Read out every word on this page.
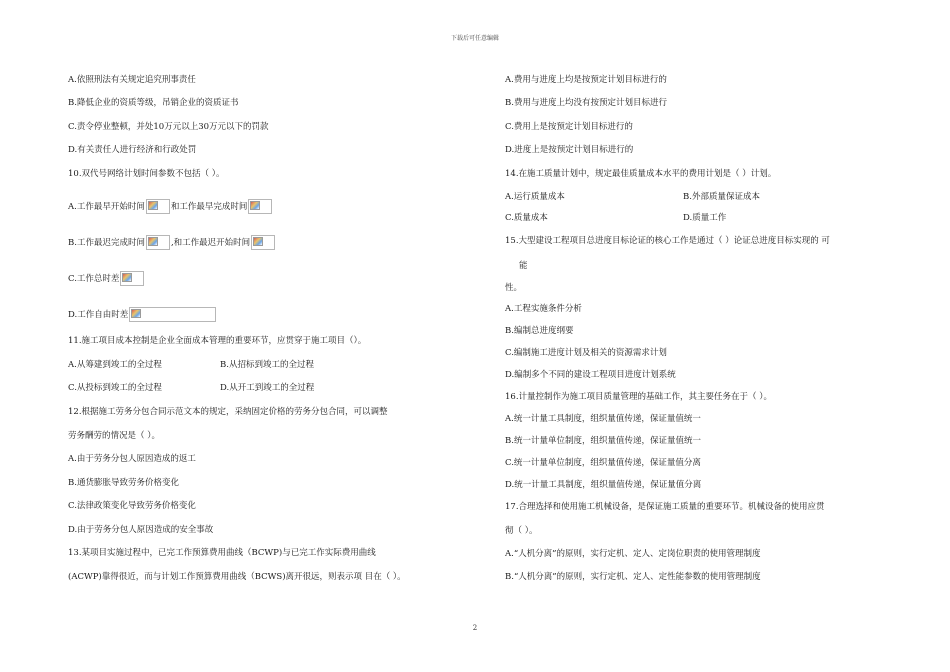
下载后可任意编辑
A.依照刑法有关规定追究刑事责任
B.降低企业的资质等级，吊销企业的资质证书
C.责令停业整顿，并处10万元以上30万元以下的罚款
D.有关责任人进行经济和行政处罚
10.双代号网络计划时间参数不包括（ ）。
A.工作最早开始时间	和工作最早完成时间
B.工作最迟完成时间	,和工作最迟开始时间
C.工作总时差
D.工作自由时差
11.施工项目成本控制是企业全面成本管理的重要环节，应贯穿于施工项目（）。
A.从筹建到竣工的全过程	B.从招标到竣工的全过程
C.从投标到竣工的全过程	D.从开工到竣工的全过程
12.根据施工劳务分包合同示范文本的规定，采纳固定价格的劳务分包合同，可以调整
劳务酬劳的情况是（ ）。
A.由于劳务分包人原因造成的返工
B.通货膨胀导致劳务价格变化
C.法律政策变化导致劳务价格变化
D.由于劳务分包人原因造成的安全事故
13.某项目实施过程中，已完工作预算费用曲线（BCWP)与已完工作实际费用曲线
(ACWP)靠得很近，而与计划工作预算费用曲线（BCWS)离开很远，则表示项 目在（ ）。
A.费用与进度上均是按预定计划目标进行的
B.费用与进度上均没有按预定计划目标进行
C.费用上是按预定计划目标进行的
D.进度上是按预定计划目标进行的
14.在施工质量计划中，规定最佳质量成本水平的费用计划是（ ）计划。
A.运行质量成本	B.外部质量保证成本
C.质量成本	D.质量工作
15.大型建设工程项目总进度目标论证的核心工作是通过（ ）论证总进度目标实现的 可
能
性。
A.工程实施条件分析
B.编制总进度纲要
C.编制施工进度计划及相关的资源需求计划
D.编制多个不同的建设工程项目进度计划系统
16.计量控制作为施工项目质量管理的基础工作，其主要任务在于（ ）。
A.统一计量工具制度，组织量值传递，保证量值统一
B.统一计量单位制度，组织量值传递，保证量值统一
C.统一计量单位制度，组织量值传递，保证量值分离
D.统一计量工具制度，组织量值传递，保证量值分离
17.合理选择和使用施工机械设备，是保证施工质量的重要环节。机械设备的使用应贯
彻（ ）。
A.“人机分离”的原则，实行定机、定人、定岗位职责的使用管理制度
B.“人机分离”的原则，实行定机、定人、定性能参数的使用管理制度
2
